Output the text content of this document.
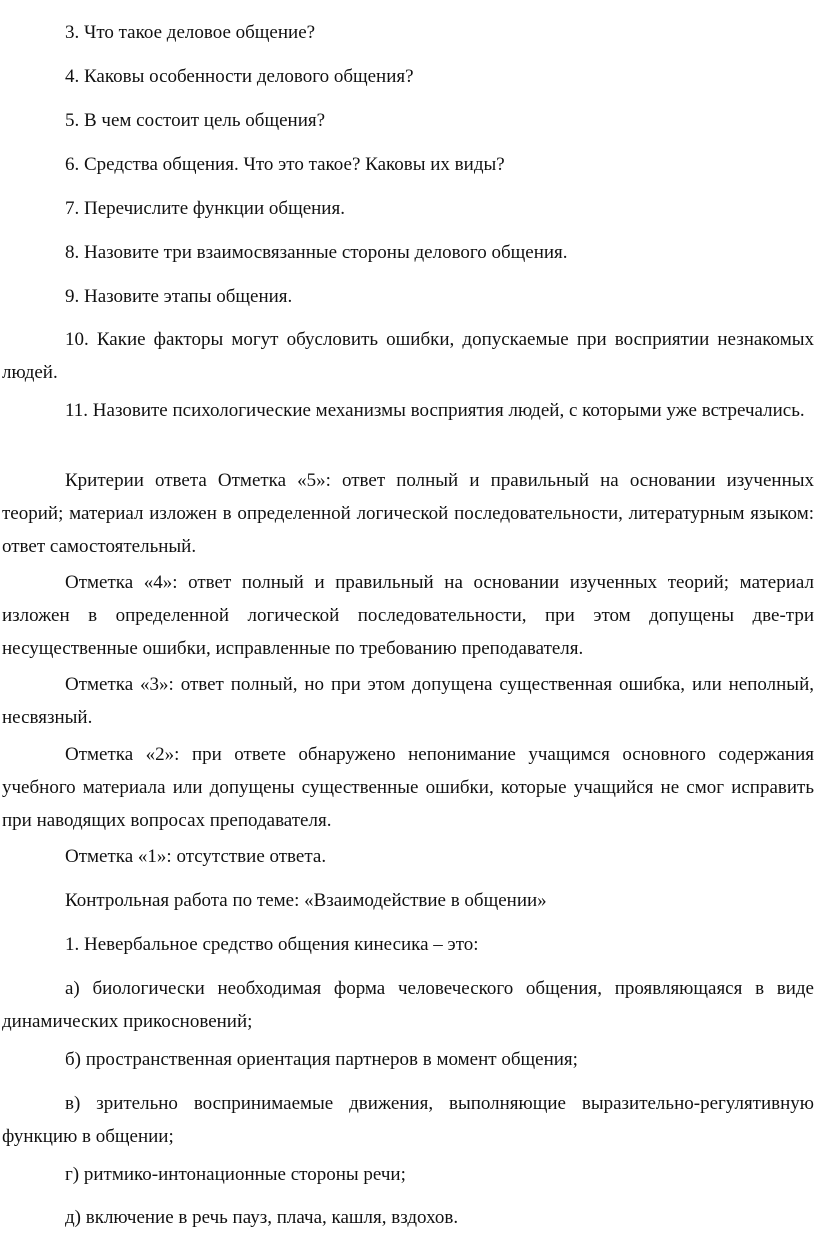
3. Что такое деловое общение?

4. Каковы особенности делового общения?

5. В чем состоит цель общения?

6. Средства общения. Что это такое? Каковы их виды?

7. Перечислите функции общения.

8. Назовите три взаимосвязанные стороны делового общения.

9. Назовите этапы общения.

10. Какие факторы могут обусловить ошибки, допускаемые при восприятии незнакомых людей.

11. Назовите психологические механизмы восприятия людей, с которыми уже встречались.

Критерии ответа Отметка «5»: ответ полный и правильный на основании изученных теорий; материал изложен в определенной логической последовательности, литературным языком: ответ самостоятельный.

Отметка «4»: ответ полный и правильный на основании изученных теорий; материал изложен в определенной логической последовательности, при этом допущены две-три несущественные ошибки, исправленные по требованию преподавателя.

Отметка «3»: ответ полный, но при этом допущена существенная ошибка, или неполный, несвязный.

Отметка «2»: при ответе обнаружено непонимание учащимся основного содержания учебного материала или допущены существенные ошибки, которые учащийся не смог исправить при наводящих вопросах преподавателя.

Отметка «1»: отсутствие ответа.

Контрольная работа по теме: «Взаимодействие в общении»

1. Невербальное средство общения кинесика – это:

а) биологически необходимая форма человеческого общения, проявляющаяся в виде динамических прикосновений;

б) пространственная ориентация партнеров в момент общения;

в) зрительно воспринимаемые движения, выполняющие выразительно-регулятивную функцию в общении;

г) ритмико-интонационные стороны речи;

д) включение в речь пауз, плача, кашля, вздохов.
